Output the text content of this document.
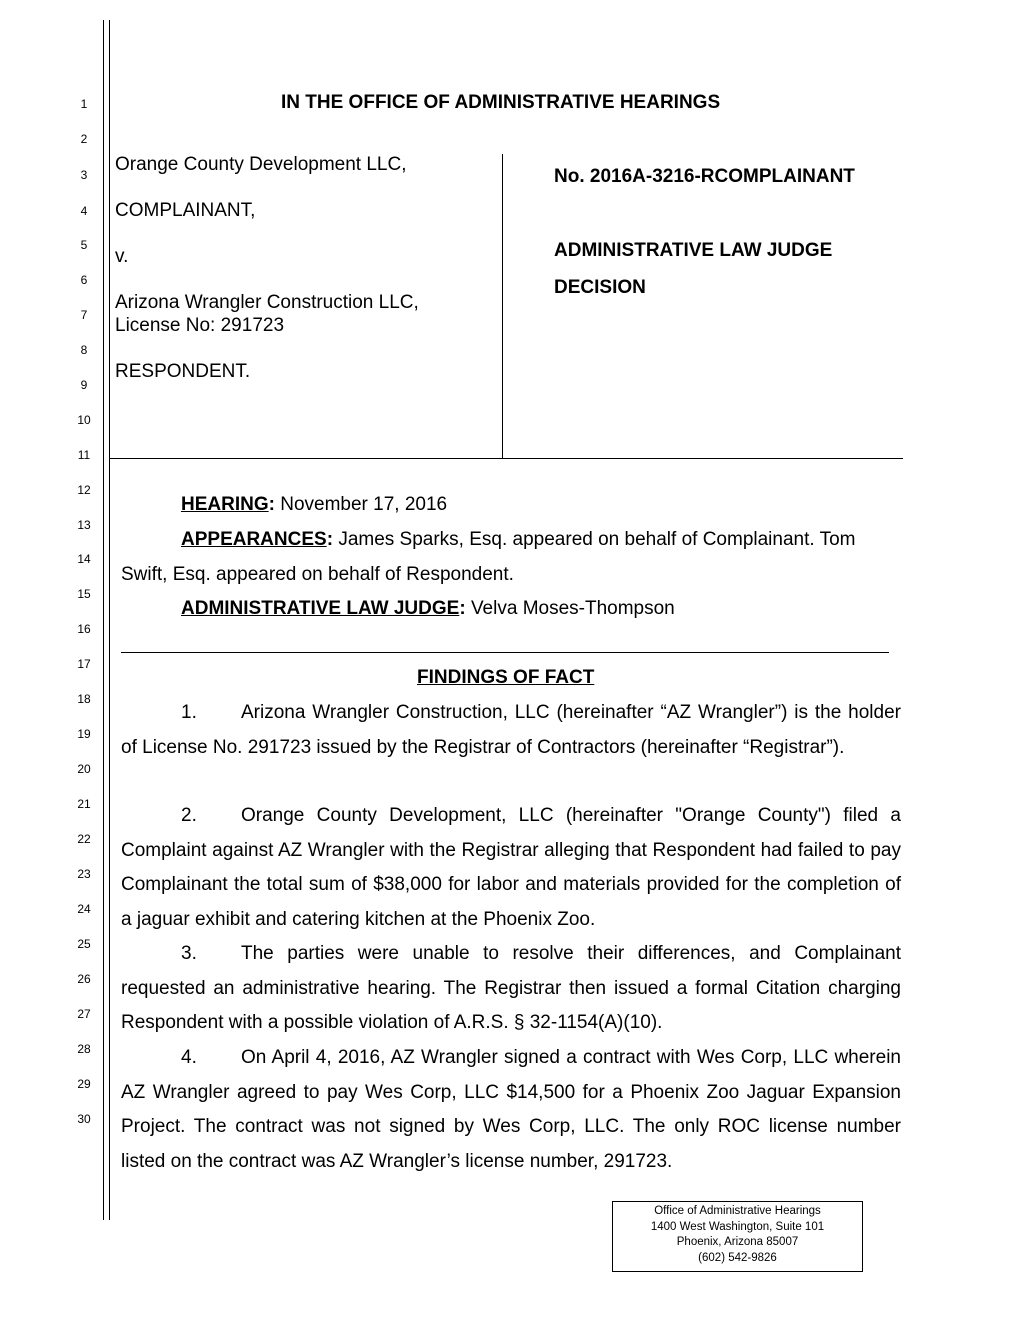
1
2
3
4
5
6
7
8
9
10
11
12
13
14
15
16
17
18
19
20
21
22
23
24
25
26
27
28
29
30
IN THE OFFICE OF ADMINISTRATIVE HEARINGS
Orange County Development LLC,
COMPLAINANT,
v.
Arizona Wrangler Construction LLC,
License No: 291723
RESPONDENT.
No. 2016A-3216-RCOMPLAINANT
ADMINISTRATIVE LAW JUDGE
DECISION
HEARING: November 17, 2016
APPEARANCES: James Sparks, Esq. appeared on behalf of Complainant. Tom
Swift, Esq. appeared on behalf of Respondent.
ADMINISTRATIVE LAW JUDGE: Velva Moses-Thompson
FINDINGS OF FACT
1. Arizona Wrangler Construction, LLC (hereinafter “AZ Wrangler”) is the holder of License No. 291723 issued by the Registrar of Contractors (hereinafter “Registrar”).
2. Orange County Development, LLC (hereinafter "Orange County") filed a Complaint against AZ Wrangler with the Registrar alleging that Respondent had failed to pay Complainant the total sum of $38,000 for labor and materials provided for the completion of a jaguar exhibit and catering kitchen at the Phoenix Zoo.
3. The parties were unable to resolve their differences, and Complainant requested an administrative hearing. The Registrar then issued a formal Citation charging Respondent with a possible violation of A.R.S. § 32-1154(A)(10).
4. On April 4, 2016, AZ Wrangler signed a contract with Wes Corp, LLC wherein AZ Wrangler agreed to pay Wes Corp, LLC $14,500 for a Phoenix Zoo Jaguar Expansion Project. The contract was not signed by Wes Corp, LLC. The only ROC license number listed on the contract was AZ Wrangler’s license number, 291723.
Office of Administrative Hearings
1400 West Washington, Suite 101
Phoenix, Arizona 85007
(602) 542-9826
